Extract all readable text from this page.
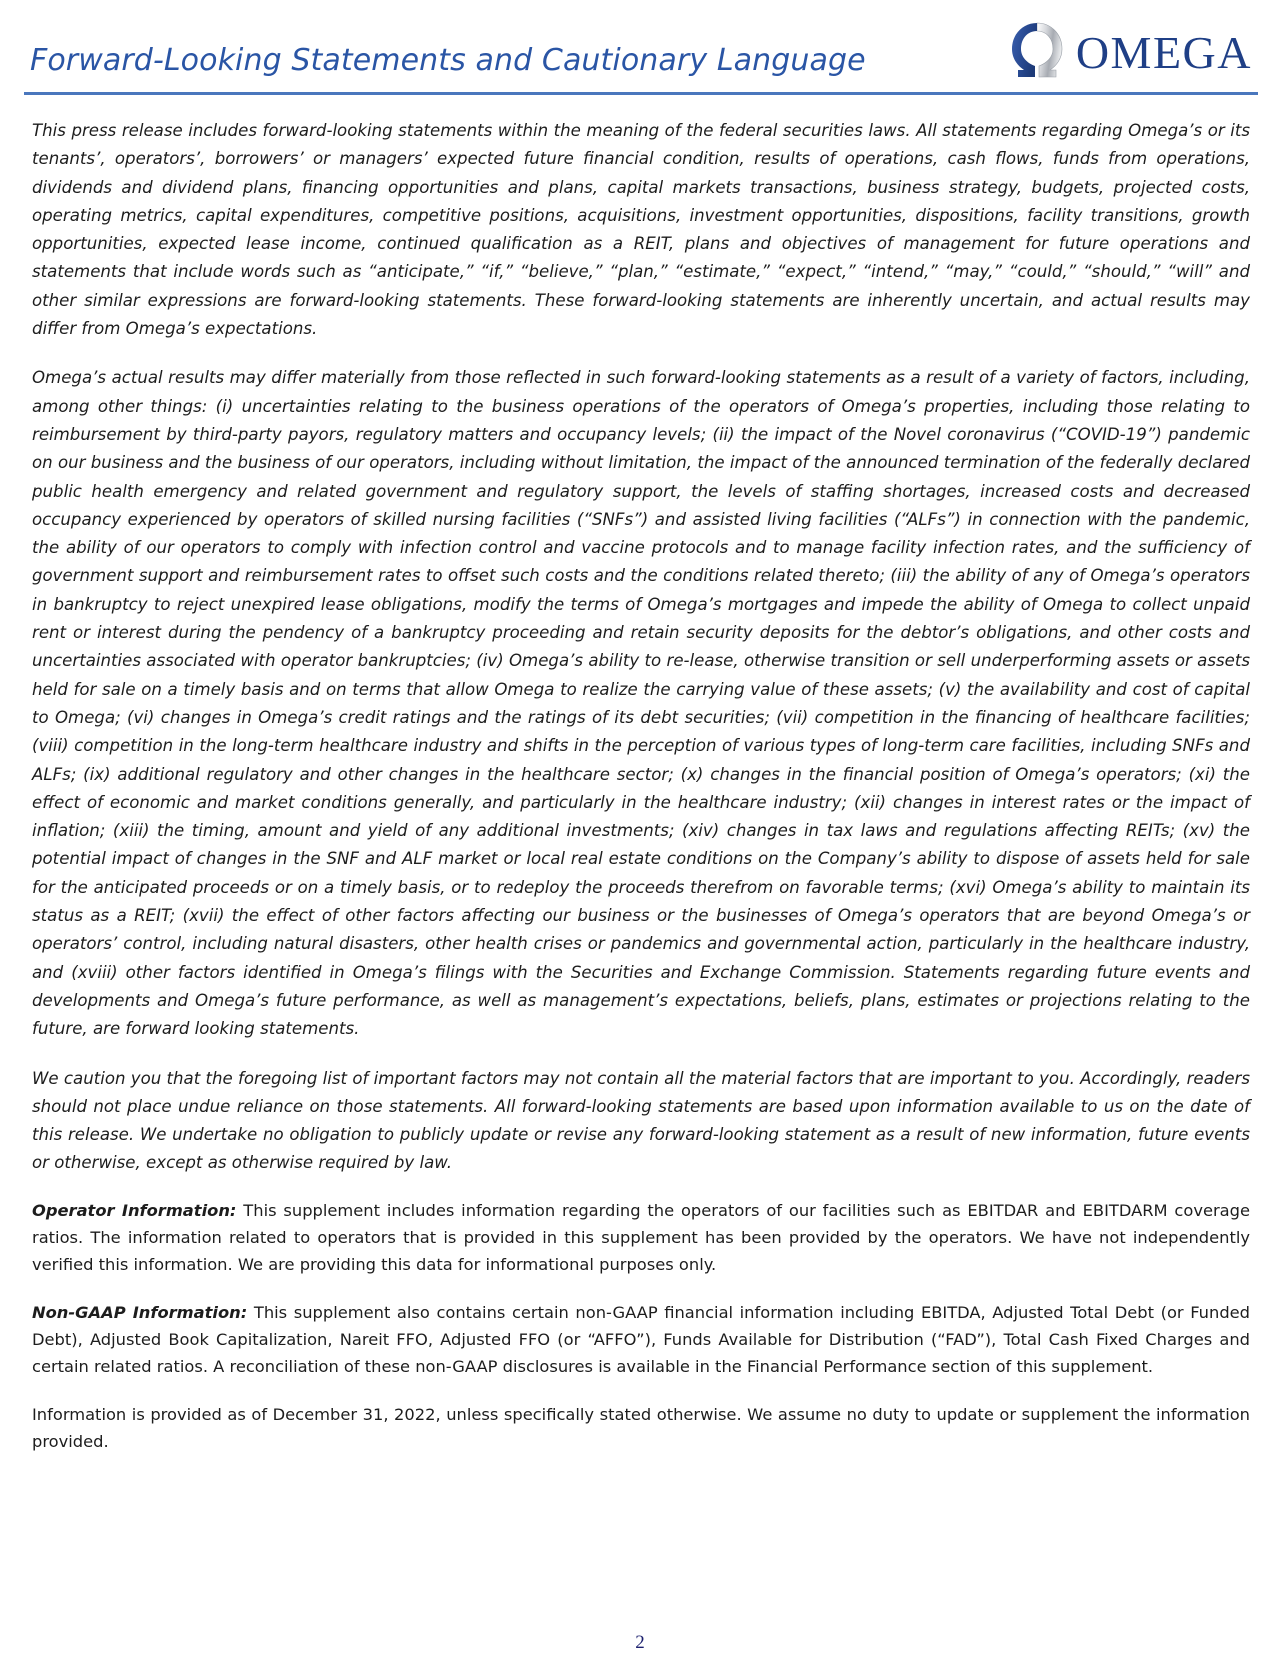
Forward-Looking Statements and Cautionary Language	OMEGA

This press release includes forward-looking statements within the meaning of the federal securities laws. All statements regarding Omega’s or its tenants’, operators’, borrowers’ or managers’ expected future financial condition, results of operations, cash flows, funds from operations, dividends and dividend plans, financing opportunities and plans, capital markets transactions, business strategy, budgets, projected costs, operating metrics, capital expenditures, competitive positions, acquisitions, investment opportunities, dispositions, facility transitions, growth opportunities, expected lease income, continued qualification as a REIT, plans and objectives of management for future operations and statements that include words such as “anticipate,” “if,” “believe,” “plan,” “estimate,” “expect,” “intend,” “may,” “could,” “should,” “will” and other similar expressions are forward-looking statements. These forward-looking statements are inherently uncertain, and actual results may differ from Omega’s expectations.

Omega’s actual results may differ materially from those reflected in such forward-looking statements as a result of a variety of factors, including, among other things: (i) uncertainties relating to the business operations of the operators of Omega’s properties, including those relating to reimbursement by third-party payors, regulatory matters and occupancy levels; (ii) the impact of the Novel coronavirus (“COVID-19”) pandemic on our business and the business of our operators, including without limitation, the impact of the announced termination of the federally declared public health emergency and related government and regulatory support, the levels of staffing shortages, increased costs and decreased occupancy experienced by operators of skilled nursing facilities (“SNFs”) and assisted living facilities (“ALFs”) in connection with the pandemic, the ability of our operators to comply with infection control and vaccine protocols and to manage facility infection rates, and the sufficiency of government support and reimbursement rates to offset such costs and the conditions related thereto; (iii) the ability of any of Omega’s operators in bankruptcy to reject unexpired lease obligations, modify the terms of Omega’s mortgages and impede the ability of Omega to collect unpaid rent or interest during the pendency of a bankruptcy proceeding and retain security deposits for the debtor’s obligations, and other costs and uncertainties associated with operator bankruptcies; (iv) Omega’s ability to re-lease, otherwise transition or sell underperforming assets or assets held for sale on a timely basis and on terms that allow Omega to realize the carrying value of these assets; (v) the availability and cost of capital to Omega; (vi) changes in Omega’s credit ratings and the ratings of its debt securities; (vii) competition in the financing of healthcare facilities; (viii) competition in the long-term healthcare industry and shifts in the perception of various types of long-term care facilities, including SNFs and ALFs; (ix) additional regulatory and other changes in the healthcare sector; (x) changes in the financial position of Omega’s operators; (xi) the effect of economic and market conditions generally, and particularly in the healthcare industry; (xii) changes in interest rates or the impact of inflation; (xiii) the timing, amount and yield of any additional investments; (xiv) changes in tax laws and regulations affecting REITs; (xv) the potential impact of changes in the SNF and ALF market or local real estate conditions on the Company’s ability to dispose of assets held for sale for the anticipated proceeds or on a timely basis, or to redeploy the proceeds therefrom on favorable terms; (xvi) Omega’s ability to maintain its status as a REIT; (xvii) the effect of other factors affecting our business or the businesses of Omega’s operators that are beyond Omega’s or operators’ control, including natural disasters, other health crises or pandemics and governmental action, particularly in the healthcare industry, and (xviii) other factors identified in Omega’s filings with the Securities and Exchange Commission. Statements regarding future events and developments and Omega’s future performance, as well as management’s expectations, beliefs, plans, estimates or projections relating to the future, are forward looking statements.

We caution you that the foregoing list of important factors may not contain all the material factors that are important to you. Accordingly, readers should not place undue reliance on those statements. All forward-looking statements are based upon information available to us on the date of this release. We undertake no obligation to publicly update or revise any forward-looking statement as a result of new information, future events or otherwise, except as otherwise required by law.

Operator Information: This supplement includes information regarding the operators of our facilities such as EBITDAR and EBITDARM coverage ratios. The information related to operators that is provided in this supplement has been provided by the operators. We have not independently verified this information. We are providing this data for informational purposes only.

Non-GAAP Information: This supplement also contains certain non-GAAP financial information including EBITDA, Adjusted Total Debt (or Funded Debt), Adjusted Book Capitalization, Nareit FFO, Adjusted FFO (or “AFFO”), Funds Available for Distribution (“FAD”), Total Cash Fixed Charges and certain related ratios. A reconciliation of these non-GAAP disclosures is available in the Financial Performance section of this supplement.

Information is provided as of December 31, 2022, unless specifically stated otherwise. We assume no duty to update or supplement the information provided.

2
